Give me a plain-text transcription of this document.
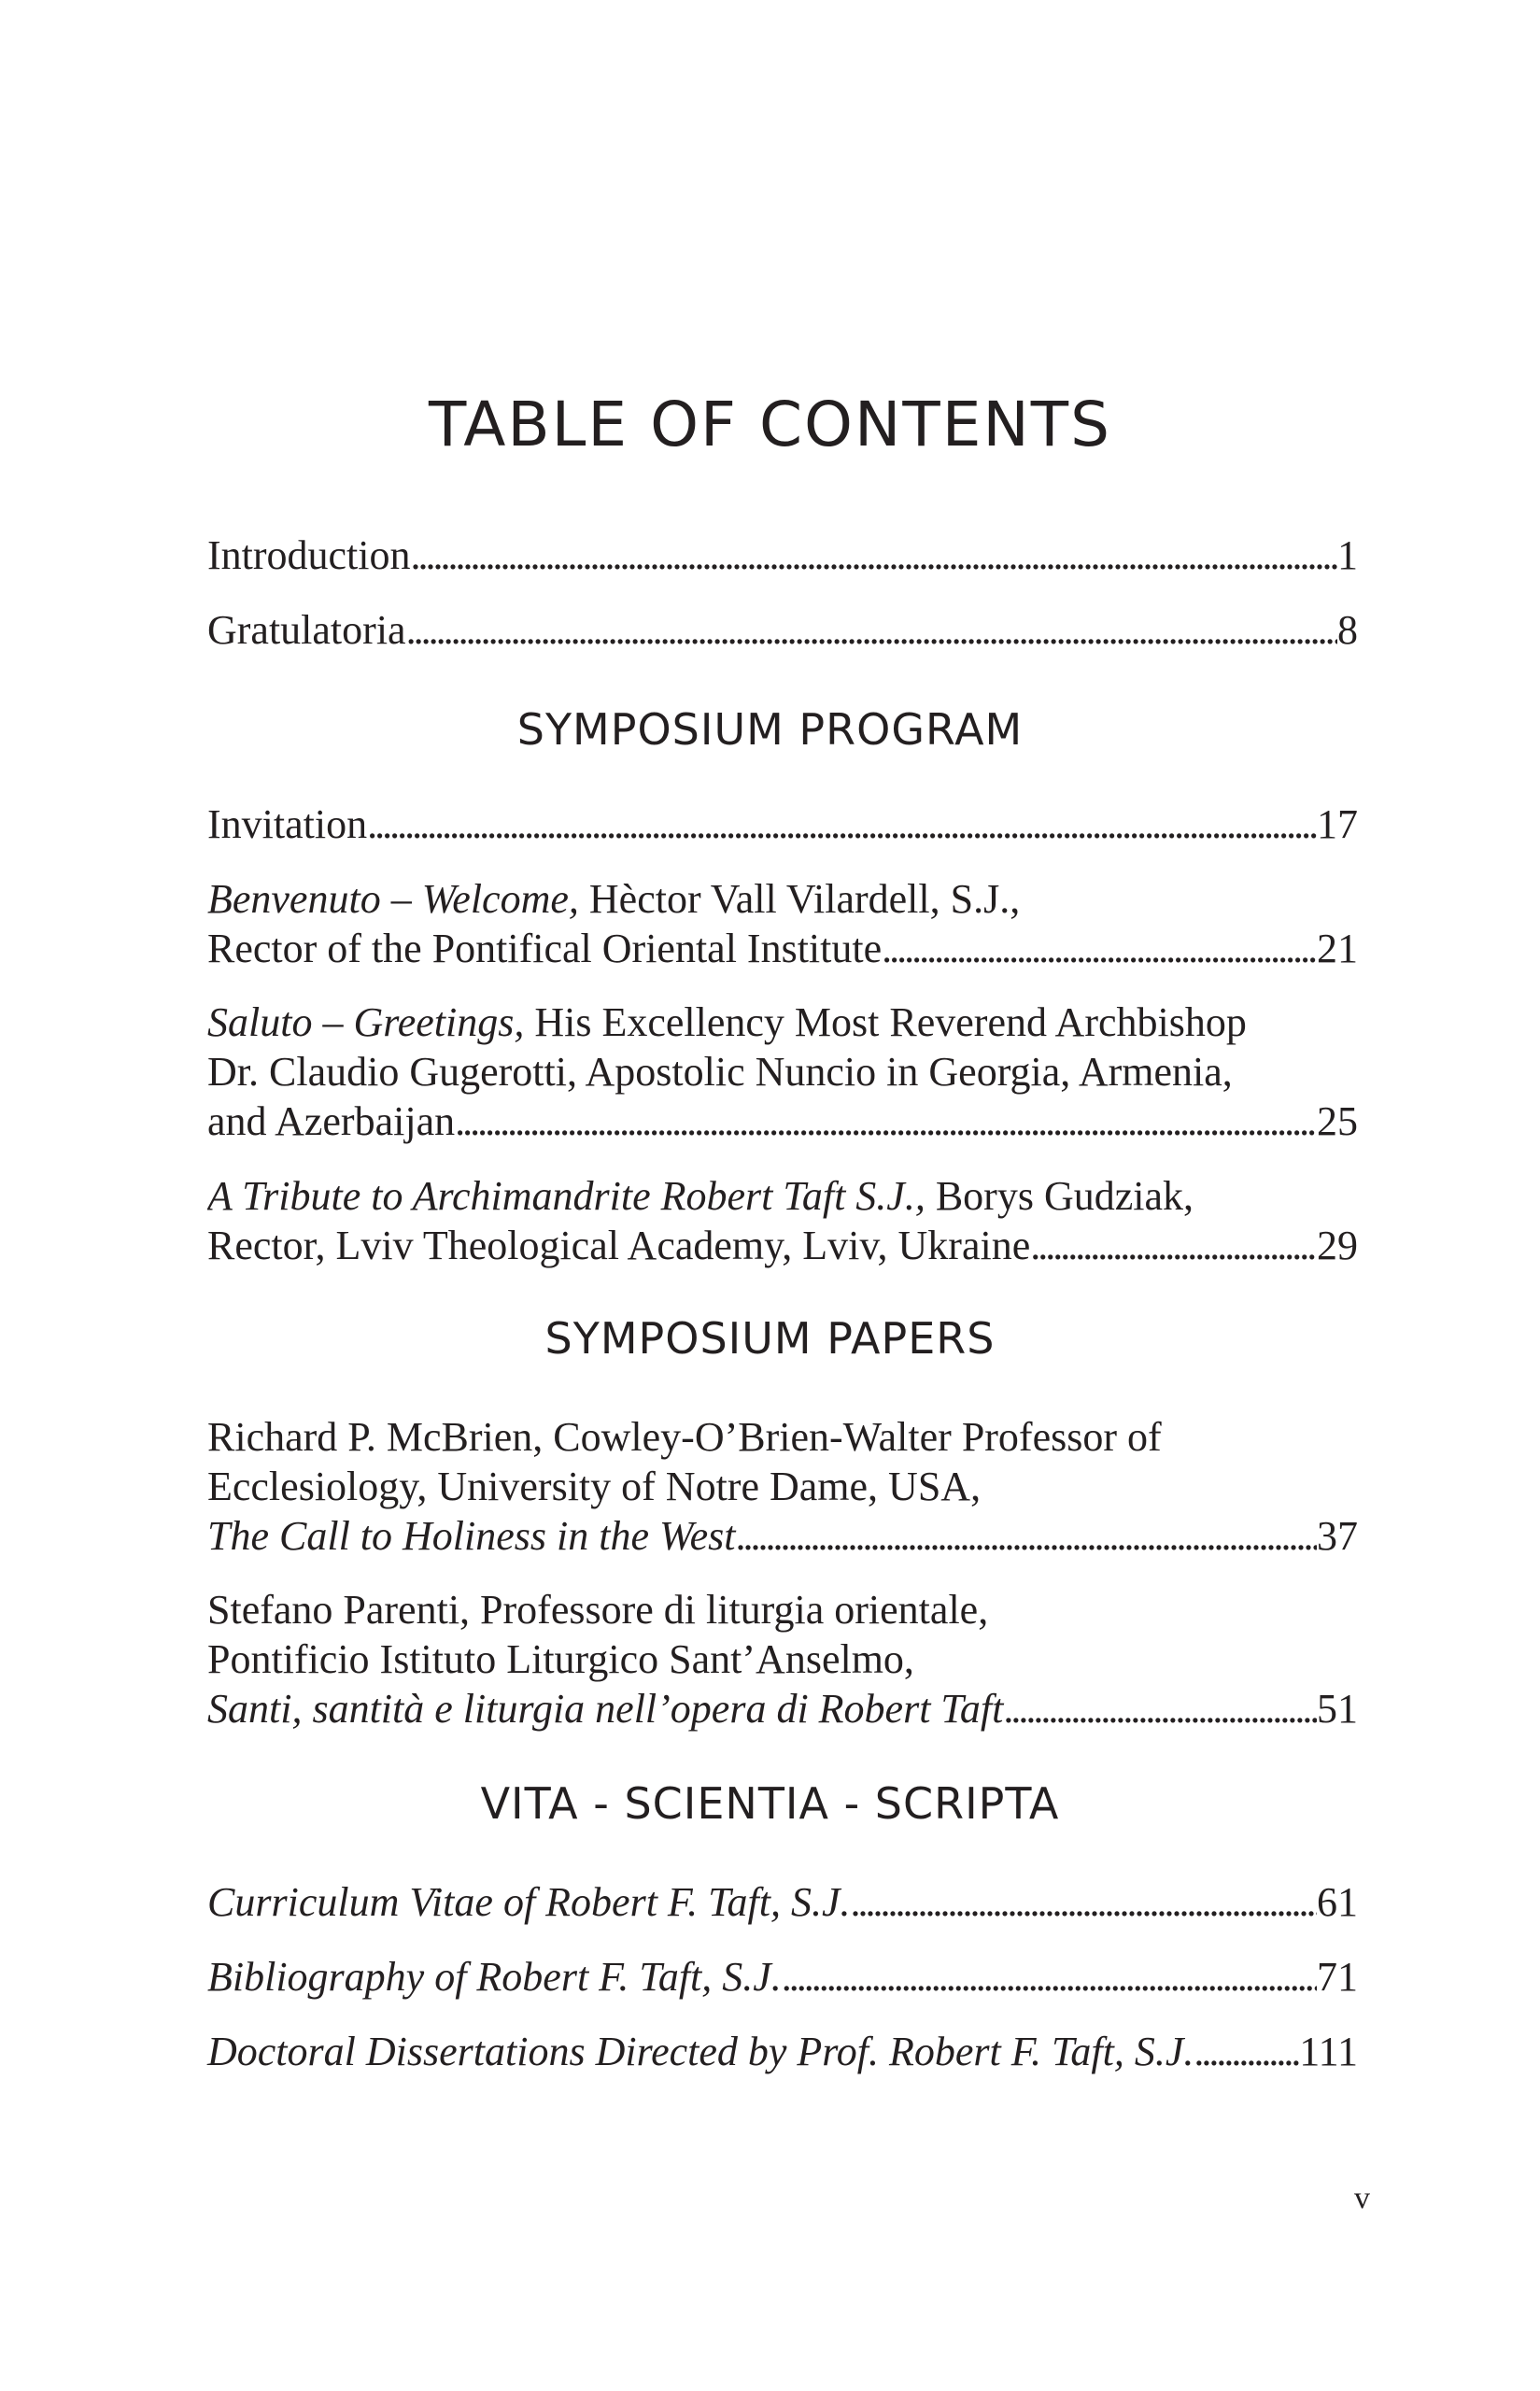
TABLE OF CONTENTS
Introduction . . .	1
Gratulatoria . . .	8
SYMPOSIUM PROGRAM
Invitation . . .	17
Benvenuto – Welcome, Hèctor Vall Vilardell, S.J.,
Rector of the Pontifical Oriental Institute . . .	21
Saluto – Greetings, His Excellency Most Reverend Archbishop
Dr. Claudio Gugerotti, Apostolic Nuncio in Georgia, Armenia,
and Azerbaijan . . .	25
A Tribute to Archimandrite Robert Taft S.J., Borys Gudziak,
Rector, Lviv Theological Academy, Lviv, Ukraine . . .	29
SYMPOSIUM PAPERS
Richard P. McBrien, Cowley-O’Brien-Walter Professor of
Ecclesiology, University of Notre Dame, USA,
The Call to Holiness in the West . . .	37
Stefano Parenti, Professore di liturgia orientale,
Pontificio Istituto Liturgico Sant’Anselmo,
Santi, santità e liturgia nell’opera di Robert Taft . . .	51
VITA - SCIENTIA - SCRIPTA
Curriculum Vitae of Robert F. Taft, S.J. . . .	61
Bibliography of Robert F. Taft, S.J. . . .	71
Doctoral Dissertations Directed by Prof. Robert F. Taft, S.J. . . .	111
v
